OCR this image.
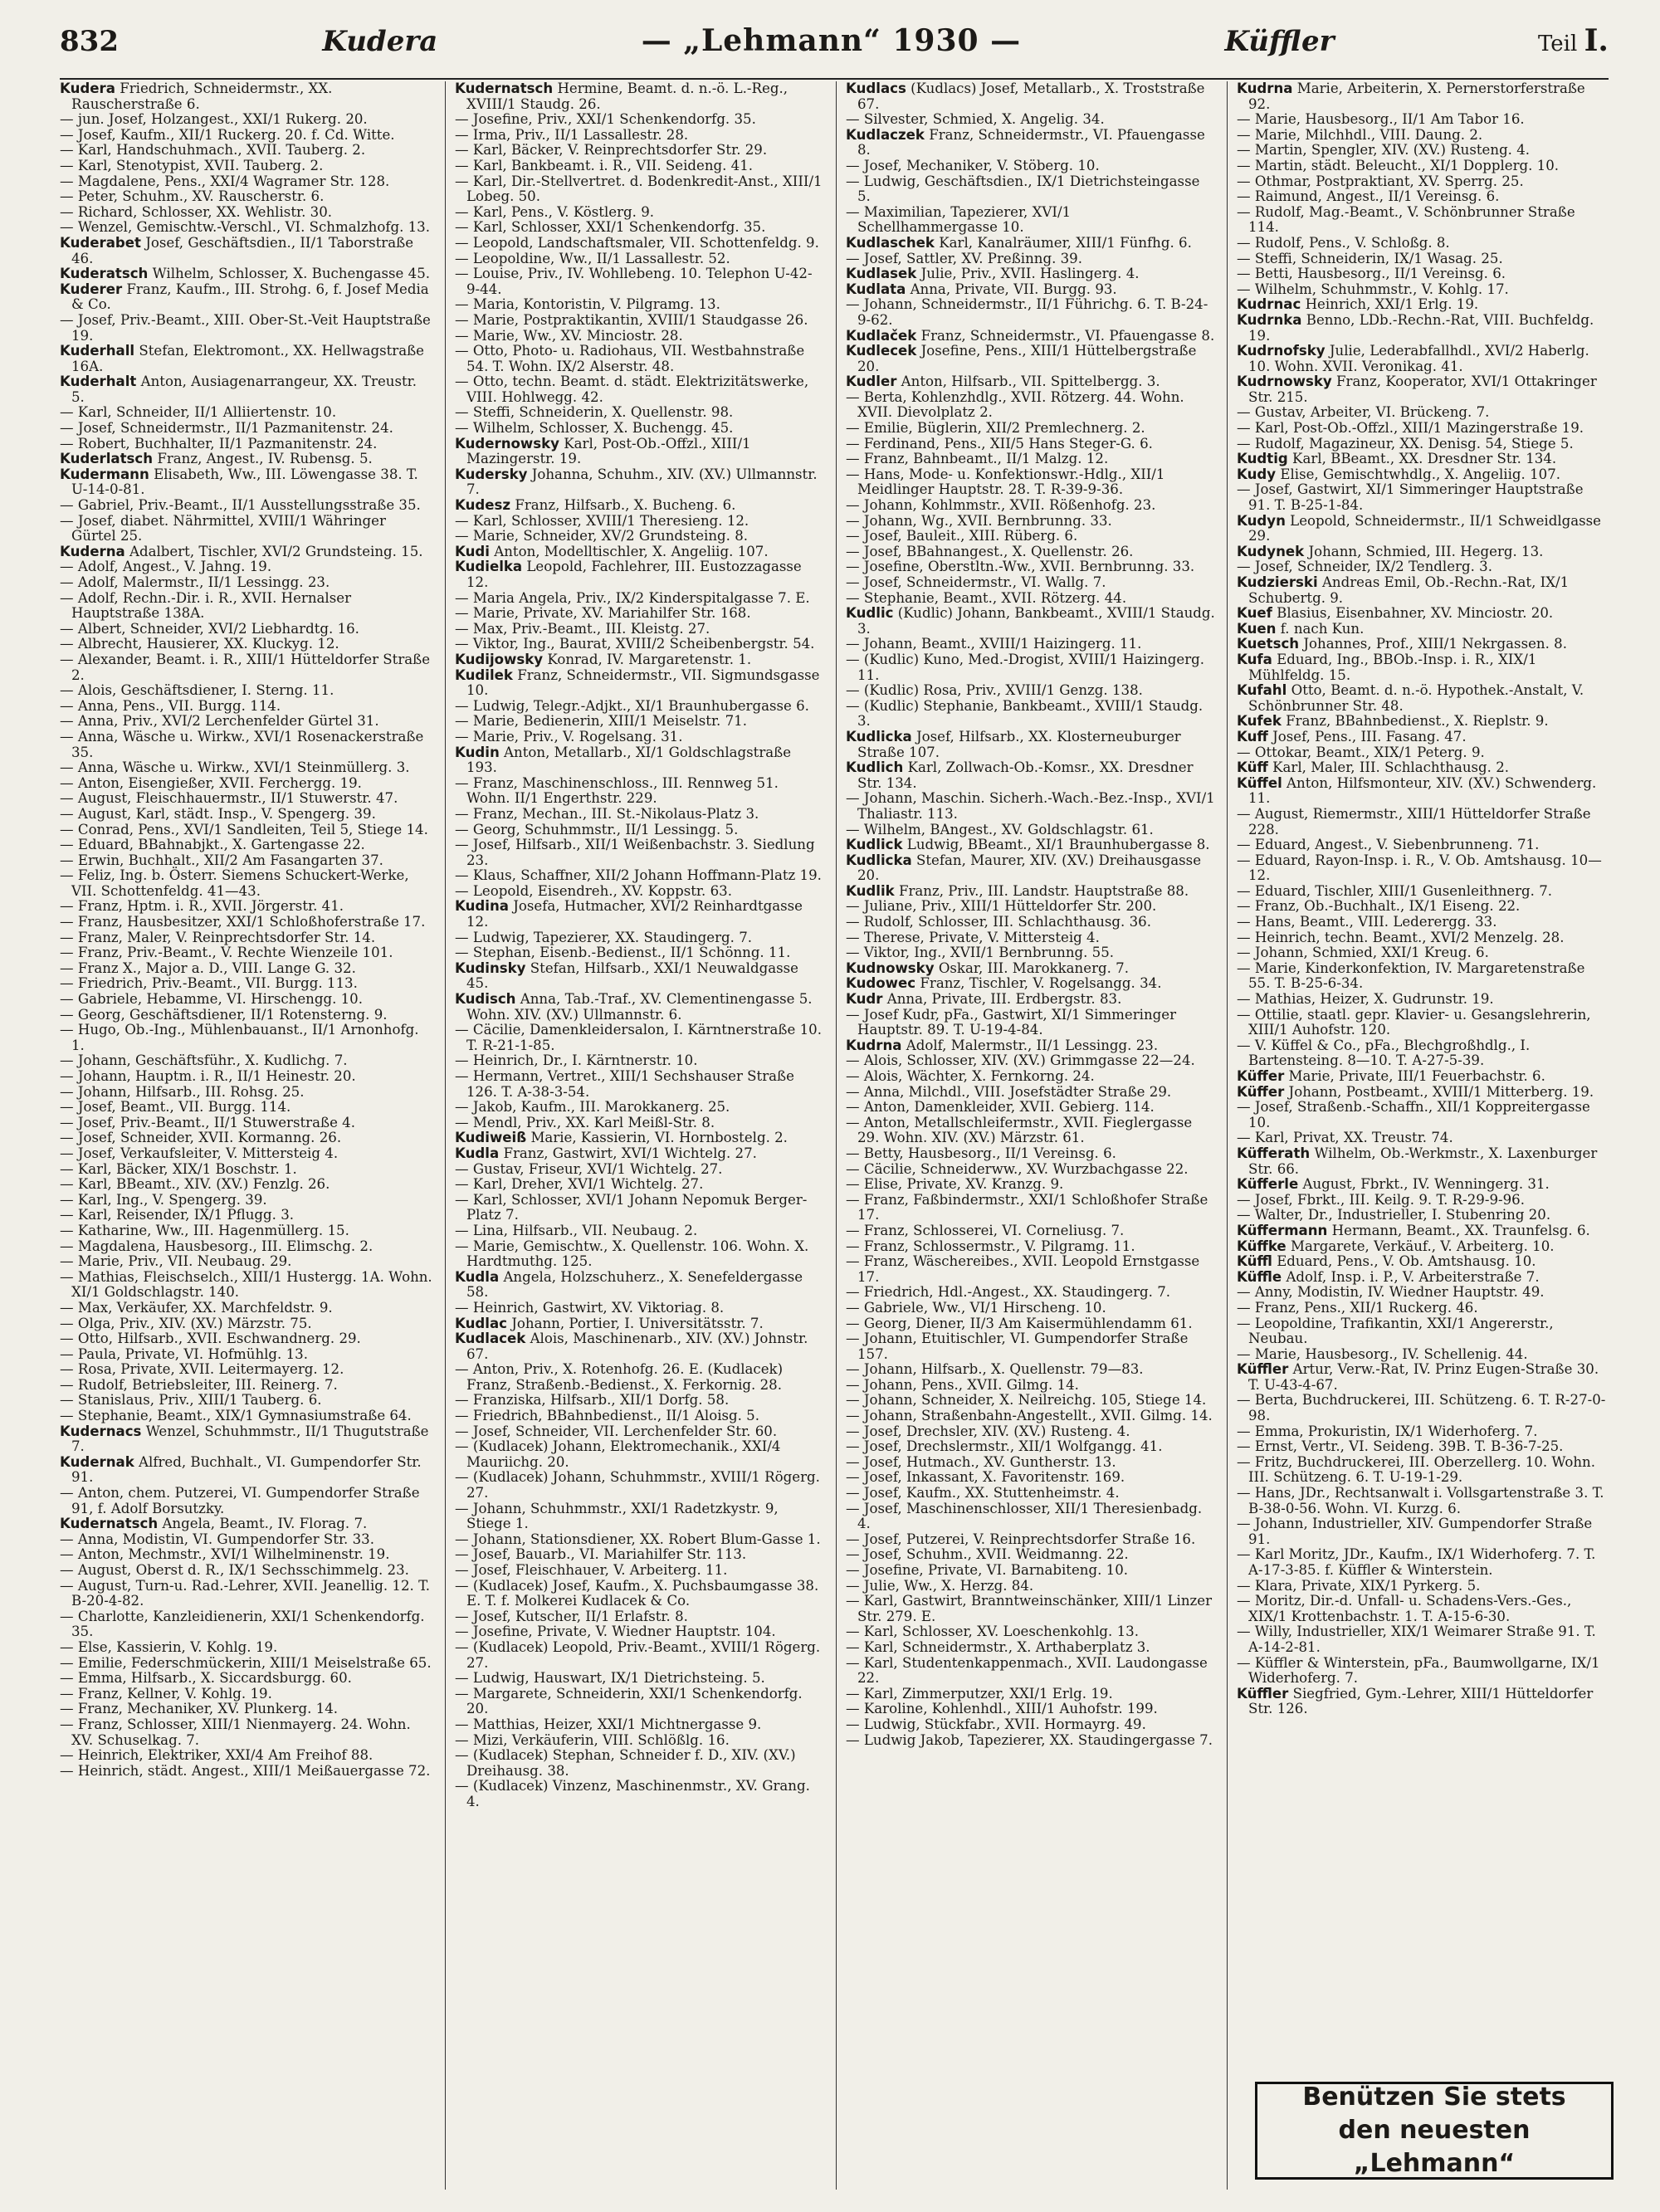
832	Kudera	— „Lehmann“ 1930 —	Küffler	Teil I.

Kudera Friedrich, Schneidermstr., XX. Rauscherstraße 6.

— jun. Josef, Holzangest., XXI/1 Rukerg. 20.

— Josef, Kaufm., XII/1 Ruckerg. 20. f. Cd. Witte.

— Karl, Handschuhmach., XVII. Tauberg. 2.

— Karl, Stenotypist, XVII. Tauberg. 2.

— Magdalene, Pens., XXI/4 Wagramer Str. 128.

— Peter, Schuhm., XV. Rauscherstr. 6.

— Richard, Schlosser, XX. Wehlistr. 30.

— Wenzel, Gemischtw.-Verschl., VI. Schmalzhofg. 13.

Kuderabet Josef, Geschäftsdien., II/1 Taborstraße 46.

Kuderatsch Wilhelm, Schlosser, X. Buchengasse 45.

Kuderer Franz, Kaufm., III. Strohg. 6, f. Josef Media & Co.

— Josef, Priv.-Beamt., XIII. Ober-St.-Veit Hauptstraße 19.

Kuderhall Stefan, Elektromont., XX. Hellwagstraße 16A.

Kuderhalt Anton, Ausiagenarrangeur, XX. Treustr. 5.

— Karl, Schneider, II/1 Alliiertenstr. 10.

— Josef, Schneidermstr., II/1 Pazmanitenstr. 24.

— Robert, Buchhalter, II/1 Pazmanitenstr. 24.

Kuderlatsch Franz, Angest., IV. Rubensg. 5.

Kudermann Elisabeth, Ww., III. Löwengasse 38. T. U-14-0-81.

— Gabriel, Priv.-Beamt., II/1 Ausstellungsstraße 35.

— Josef, diabet. Nährmittel, XVIII/1 Währinger Gürtel 25.

Kuderna Adalbert, Tischler, XVI/2 Grundsteing. 15.

— Adolf, Angest., V. Jahng. 19.

— Adolf, Malermstr., II/1 Lessingg. 23.

— Adolf, Rechn.-Dir. i. R., XVII. Hernalser Hauptstraße 138A.

— Albert, Schneider, XVI/2 Liebhardtg. 16.

— Albrecht, Hausierer, XX. Kluckyg. 12.

— Alexander, Beamt. i. R., XIII/1 Hütteldorfer Straße 2.

— Alois, Geschäftsdiener, I. Sterng. 11.

— Anna, Pens., VII. Burgg. 114.

— Anna, Priv., XVI/2 Lerchenfelder Gürtel 31.

— Anna, Wäsche u. Wirkw., XVI/1 Rosenackerstraße 35.

— Anna, Wäsche u. Wirkw., XVI/1 Steinmüllerg. 3.

— Anton, Eisengießer, XVII. Ferchergg. 19.

— August, Fleischhauermstr., II/1 Stuwerstr. 47.

— August, Karl, städt. Insp., V. Spengerg. 39.

— Conrad, Pens., XVI/1 Sandleiten, Teil 5, Stiege 14.

— Eduard, BBahnabjkt., X. Gartengasse 22.

— Erwin, Buchhalt., XII/2 Am Fasangarten 37.

— Feliz, Ing. b. Österr. Siemens Schuckert-Werke, VII. Schottenfeldg. 41—43.

— Franz, Hptm. i. R., XVII. Jörgerstr. 41.

— Franz, Hausbesitzer, XXI/1 Schloßhoferstraße 17.

— Franz, Maler, V. Reinprechtsdorfer Str. 14.

— Franz, Priv.-Beamt., V. Rechte Wienzeile 101.

— Franz X., Major a. D., VIII. Lange G. 32.

— Friedrich, Priv.-Beamt., VII. Burgg. 113.

— Gabriele, Hebamme, VI. Hirschengg. 10.

— Georg, Geschäftsdiener, II/1 Rotensterng. 9.

— Hugo, Ob.-Ing., Mühlenbauanst., II/1 Arnonhofg. 1.

— Johann, Geschäftsführ., X. Kudlichg. 7.

— Johann, Hauptm. i. R., II/1 Heinestr. 20.

— Johann, Hilfsarb., III. Rohsg. 25.

— Josef, Beamt., VII. Burgg. 114.

— Josef, Priv.-Beamt., II/1 Stuwerstraße 4.

— Josef, Schneider, XVII. Kormanng. 26.

— Josef, Verkaufsleiter, V. Mittersteig 4.

— Karl, Bäcker, XIX/1 Boschstr. 1.

— Karl, BBeamt., XIV. (XV.) Fenzlg. 26.

— Karl, Ing., V. Spengerg. 39.

— Karl, Reisender, IX/1 Pflugg. 3.

— Katharine, Ww., III. Hagenmüllerg. 15.

— Magdalena, Hausbesorg., III. Elimschg. 2.

— Marie, Priv., VII. Neubaug. 29.

— Mathias, Fleischselch., XIII/1 Hustergg. 1A. Wohn. XI/1 Goldschlagstr. 140.

— Max, Verkäufer, XX. Marchfeldstr. 9.

— Olga, Priv., XIV. (XV.) Märzstr. 75.

— Otto, Hilfsarb., XVII. Eschwandnerg. 29.

— Paula, Private, VI. Hofmühlg. 13.

— Rosa, Private, XVII. Leitermayerg. 12.

— Rudolf, Betriebsleiter, III. Reinerg. 7.

— Stanislaus, Priv., XIII/1 Tauberg. 6.

— Stephanie, Beamt., XIX/1 Gymnasiumstraße 64.

Kudernacs Wenzel, Schuhmmstr., II/1 Thugutstraße 7.

Kudernak Alfred, Buchhalt., VI. Gumpendorfer Str. 91.

— Anton, chem. Putzerei, VI. Gumpendorfer Straße 91, f. Adolf Borsutzky.

Kudernatsch Angela, Beamt., IV. Florag. 7.

— Anna, Modistin, VI. Gumpendorfer Str. 33.

— Anton, Mechmstr., XVI/1 Wilhelminenstr. 19.

— August, Oberst d. R., IX/1 Sechsschimmelg. 23.

— August, Turn-u. Rad.-Lehrer, XVII. Jeanellig. 12. T. B-20-4-82.

— Charlotte, Kanzleidienerin, XXI/1 Schenkendorfg. 35.

— Else, Kassierin, V. Kohlg. 19.

— Emilie, Federschmückerin, XIII/1 Meiselstraße 65.

— Emma, Hilfsarb., X. Siccardsburgg. 60.

— Franz, Kellner, V. Kohlg. 19.

— Franz, Mechaniker, XV. Plunkerg. 14.

— Franz, Schlosser, XIII/1 Nienmayerg. 24. Wohn. XV. Schuselkag. 7.

— Heinrich, Elektriker, XXI/4 Am Freihof 88.

— Heinrich, städt. Angest., XIII/1 Meißauergasse 72.

Kudernatsch Hermine, Beamt. d. n.-ö. L.-Reg., XVIII/1 Staudg. 26.

— Josefine, Priv., XXI/1 Schenkendorfg. 35.

— Irma, Priv., II/1 Lassallestr. 28.

— Karl, Bäcker, V. Reinprechtsdorfer Str. 29.

— Karl, Bankbeamt. i. R., VII. Seideng. 41.

— Karl, Dir.-Stellvertret. d. Bodenkredit-Anst., XIII/1 Lobeg. 50.

— Karl, Pens., V. Köstlerg. 9.

— Karl, Schlosser, XXI/1 Schenkendorfg. 35.

— Leopold, Landschaftsmaler, VII. Schottenfeldg. 9.

— Leopoldine, Ww., II/1 Lassallestr. 52.

— Louise, Priv., IV. Wohllebeng. 10. Telephon U-42-9-44.

— Maria, Kontoristin, V. Pilgramg. 13.

— Marie, Postpraktikantin, XVIII/1 Staudgasse 26.

— Marie, Ww., XV. Minciostr. 28.

— Otto, Photo- u. Radiohaus, VII. Westbahnstraße 54. T. Wohn. IX/2 Alserstr. 48.

— Otto, techn. Beamt. d. städt. Elektrizitätswerke, VIII. Hohlwegg. 42.

— Steffi, Schneiderin, X. Quellenstr. 98.

— Wilhelm, Schlosser, X. Buchengg. 45.

Kudernowsky Karl, Post-Ob.-Offzl., XIII/1 Mazingerstr. 19.

Kudersky Johanna, Schuhm., XIV. (XV.) Ullmannstr. 7.

Kudesz Franz, Hilfsarb., X. Bucheng. 6.

— Karl, Schlosser, XVIII/1 Theresieng. 12.

— Marie, Schneider, XV/2 Grundsteing. 8.

Kudi Anton, Modelltischler, X. Angeliig. 107.

Kudielka Leopold, Fachlehrer, III. Eustozzagasse 12.

— Maria Angela, Priv., IX/2 Kinderspitalgasse 7. E.

— Marie, Private, XV. Mariahilfer Str. 168.

— Max, Priv.-Beamt., III. Kleistg. 27.

— Viktor, Ing., Baurat, XVIII/2 Scheibenbergstr. 54.

Kudijowsky Konrad, IV. Margaretenstr. 1.

Kudilek Franz, Schneidermstr., VII. Sigmundsgasse 10.

— Ludwig, Telegr.-Adjkt., XI/1 Braunhubergasse 6.

— Marie, Bedienerin, XIII/1 Meiselstr. 71.

— Marie, Priv., V. Rogelsang. 31.

Kudin Anton, Metallarb., XI/1 Goldschlagstraße 193.

— Franz, Maschinenschloss., III. Rennweg 51. Wohn. II/1 Engerthstr. 229.

— Franz, Mechan., III. St.-Nikolaus-Platz 3.

— Georg, Schuhmmstr., II/1 Lessingg. 5.

— Josef, Hilfsarb., XII/1 Weißenbachstr. 3. Siedlung 23.

— Klaus, Schaffner, XII/2 Johann Hoffmann-Platz 19.

— Leopold, Eisendreh., XV. Koppstr. 63.

Kudina Josefa, Hutmacher, XVI/2 Reinhardtgasse 12.

— Ludwig, Tapezierer, XX. Staudingerg. 7.

— Stephan, Eisenb.-Bedienst., II/1 Schönng. 11.

Kudinsky Stefan, Hilfsarb., XXI/1 Neuwaldgasse 45.

Kudisch Anna, Tab.-Traf., XV. Clementinengasse 5. Wohn. XIV. (XV.) Ullmannstr. 6.

— Cäcilie, Damenkleidersalon, I. Kärntnerstraße 10. T. R-21-1-85.

— Heinrich, Dr., I. Kärntnerstr. 10.

— Hermann, Vertret., XIII/1 Sechshauser Straße 126. T. A-38-3-54.

— Jakob, Kaufm., III. Marokkanerg. 25.

— Mendl, Priv., XX. Karl Meißl-Str. 8.

Kudiweiß Marie, Kassierin, VI. Hornbostelg. 2.

Kudla Franz, Gastwirt, XVI/1 Wichtelg. 27.

— Gustav, Friseur, XVI/1 Wichtelg. 27.

— Karl, Dreher, XVI/1 Wichtelg. 27.

— Karl, Schlosser, XVI/1 Johann Nepomuk Berger-Platz 7.

— Lina, Hilfsarb., VII. Neubaug. 2.

— Marie, Gemischtw., X. Quellenstr. 106. Wohn. X. Hardtmuthg. 125.

Kudla Angela, Holzschuherz., X. Senefeldergasse 58.

— Heinrich, Gastwirt, XV. Viktoriag. 8.

Kudlac Johann, Portier, I. Universitätsstr. 7.

Kudlacek Alois, Maschinenarb., XIV. (XV.) Johnstr. 67.

— Anton, Priv., X. Rotenhofg. 26. E. (Kudlacek) Franz, Straßenb.-Bedienst., X. Ferkornig. 28.

— Franziska, Hilfsarb., XII/1 Dorfg. 58.

— Friedrich, BBahnbedienst., II/1 Aloisg. 5.

— Josef, Schneider, VII. Lerchenfelder Str. 60.

— (Kudlacek) Johann, Elektromechanik., XXI/4 Mauriichg. 20.

— (Kudlacek) Johann, Schuhmmstr., XVIII/1 Rögerg. 27.

— Johann, Schuhmmstr., XXI/1 Radetzkystr. 9, Stiege 1.

— Johann, Stationsdiener, XX. Robert Blum-Gasse 1.

— Josef, Bauarb., VI. Mariahilfer Str. 113.

— Josef, Fleischhauer, V. Arbeiterg. 11.

— (Kudlacek) Josef, Kaufm., X. Puchsbaumgasse 38. E. T. f. Molkerei Kudlacek & Co.

— Josef, Kutscher, II/1 Erlafstr. 8.

— Josefine, Private, V. Wiedner Hauptstr. 104.

— (Kudlacek) Leopold, Priv.-Beamt., XVIII/1 Rögerg. 27.

— Ludwig, Hauswart, IX/1 Dietrichsteing. 5.

— Margarete, Schneiderin, XXI/1 Schenkendorfg. 20.

— Matthias, Heizer, XXI/1 Michtnergasse 9.

— Mizi, Verkäuferin, VIII. Schlößlg. 16.

— (Kudlacek) Stephan, Schneider f. D., XIV. (XV.) Dreihausg. 38.

— (Kudlacek) Vinzenz, Maschinenmstr., XV. Grang. 4.

Kudlacs (Kudlacs) Josef, Metallarb., X. Troststraße 67.

— Silvester, Schmied, X. Angelig. 34.

Kudlaczek Franz, Schneidermstr., VI. Pfauengasse 8.

— Josef, Mechaniker, V. Stöberg. 10.

— Ludwig, Geschäftsdien., IX/1 Dietrichsteingasse 5.

— Maximilian, Tapezierer, XVI/1 Schellhammergasse 10.

Kudlaschek Karl, Kanalräumer, XIII/1 Fünfhg. 6.

— Josef, Sattler, XV. Preßinng. 39.

Kudlasek Julie, Priv., XVII. Haslingerg. 4.

Kudlata Anna, Private, VII. Burgg. 93.

— Johann, Schneidermstr., II/1 Führichg. 6. T. B-24-9-62.

Kudlaček Franz, Schneidermstr., VI. Pfauengasse 8.

Kudlecek Josefine, Pens., XIII/1 Hüttelbergstraße 20.

Kudler Anton, Hilfsarb., VII. Spittelbergg. 3.

— Berta, Kohlenzhdlg., XVII. Rötzerg. 44. Wohn. XVII. Dievolplatz 2.

— Emilie, Büglerin, XII/2 Premlechnerg. 2.

— Ferdinand, Pens., XII/5 Hans Steger-G. 6.

— Franz, Bahnbeamt., II/1 Malzg. 12.

— Hans, Mode- u. Konfektionswr.-Hdlg., XII/1 Meidlinger Hauptstr. 28. T. R-39-9-36.

— Johann, Kohlmmstr., XVII. Rößenhofg. 23.

— Johann, Wg., XVII. Bernbrunng. 33.

— Josef, Bauleit., XIII. Rüberg. 6.

— Josef, BBahnangest., X. Quellenstr. 26.

— Josefine, Oberstltn.-Ww., XVII. Bernbrunng. 33.

— Josef, Schneidermstr., VI. Wallg. 7.

— Stephanie, Beamt., XVII. Rötzerg. 44.

Kudlic (Kudlic) Johann, Bankbeamt., XVIII/1 Staudg. 3.

— Johann, Beamt., XVIII/1 Haizingerg. 11.

— (Kudlic) Kuno, Med.-Drogist, XVIII/1 Haizingerg. 11.

— (Kudlic) Rosa, Priv., XVIII/1 Genzg. 138.

— (Kudlic) Stephanie, Bankbeamt., XVIII/1 Staudg. 3.

Kudlicka Josef, Hilfsarb., XX. Klosterneuburger Straße 107.

Kudlich Karl, Zollwach-Ob.-Komsr., XX. Dresdner Str. 134.

— Johann, Maschin. Sicherh.-Wach.-Bez.-Insp., XVI/1 Thaliastr. 113.

— Wilhelm, BAngest., XV. Goldschlagstr. 61.

Kudlick Ludwig, BBeamt., XI/1 Braunhubergasse 8.

Kudlicka Stefan, Maurer, XIV. (XV.) Dreihausgasse 20.

Kudlik Franz, Priv., III. Landstr. Hauptstraße 88.

— Juliane, Priv., XIII/1 Hütteldorfer Str. 200.

— Rudolf, Schlosser, III. Schlachthausg. 36.

— Therese, Private, V. Mittersteig 4.

— Viktor, Ing., XVII/1 Bernbrunng. 55.

Kudnowsky Oskar, III. Marokkanerg. 7.

Kudowec Franz, Tischler, V. Rogelsangg. 34.

Kudr Anna, Private, III. Erdbergstr. 83.

— Josef Kudr, pFa., Gastwirt, XI/1 Simmeringer Hauptstr. 89. T. U-19-4-84.

Kudrna Adolf, Malermstr., II/1 Lessingg. 23.

— Alois, Schlosser, XIV. (XV.) Grimmgasse 22—24.

— Alois, Wächter, X. Fernkorng. 24.

— Anna, Milchdl., VIII. Josefstädter Straße 29.

— Anton, Damenkleider, XVII. Gebierg. 114.

— Anton, Metallschleifermstr., XVII. Fieglergasse 29. Wohn. XIV. (XV.) Märzstr. 61.

— Betty, Hausbesorg., II/1 Vereinsg. 6.

— Cäcilie, Schneiderww., XV. Wurzbachgasse 22.

— Elise, Private, XV. Kranzg. 9.

— Franz, Faßbindermstr., XXI/1 Schloßhofer Straße 17.

— Franz, Schlosserei, VI. Corneliusg. 7.

— Franz, Schlossermstr., V. Pilgramg. 11.

— Franz, Wäschereibes., XVII. Leopold Ernstgasse 17.

— Friedrich, Hdl.-Angest., XX. Staudingerg. 7.

— Gabriele, Ww., VI/1 Hirscheng. 10.

— Georg, Diener, II/3 Am Kaisermühlendamm 61.

— Johann, Etuitischler, VI. Gumpendorfer Straße 157.

— Johann, Hilfsarb., X. Quellenstr. 79—83.

— Johann, Pens., XVII. Gilmg. 14.

— Johann, Schneider, X. Neilreichg. 105, Stiege 14.

— Johann, Straßenbahn-Angestellt., XVII. Gilmg. 14.

— Josef, Drechsler, XIV. (XV.) Rusteng. 4.

— Josef, Drechslermstr., XII/1 Wolfgangg. 41.

— Josef, Hutmach., XV. Guntherstr. 13.

— Josef, Inkassant, X. Favoritenstr. 169.

— Josef, Kaufm., XX. Stuttenheimstr. 4.

— Josef, Maschinenschlosser, XII/1 Theresienbadg. 4.

— Josef, Putzerei, V. Reinprechtsdorfer Straße 16.

— Josef, Schuhm., XVII. Weidmanng. 22.

— Josefine, Private, VI. Barnabiteng. 10.

— Julie, Ww., X. Herzg. 84.

— Karl, Gastwirt, Branntweinschänker, XIII/1 Linzer Str. 279. E.

— Karl, Schlosser, XV. Loeschenkohlg. 13.

— Karl, Schneidermstr., X. Arthaberplatz 3.

— Karl, Studentenkappenmach., XVII. Laudongasse 22.

— Karl, Zimmerputzer, XXI/1 Erlg. 19.

— Karoline, Kohlenhdl., XIII/1 Auhofstr. 199.

— Ludwig, Stückfabr., XVII. Hormayrg. 49.

— Ludwig Jakob, Tapezierer, XX. Staudingergasse 7.

Kudrna Marie, Arbeiterin, X. Pernerstorferstraße 92.

— Marie, Hausbesorg., II/1 Am Tabor 16.

— Marie, Milchhdl., VIII. Daung. 2.

— Martin, Spengler, XIV. (XV.) Rusteng. 4.

— Martin, städt. Beleucht., XI/1 Dopplerg. 10.

— Othmar, Postpraktiant, XV. Sperrg. 25.

— Raimund, Angest., II/1 Vereinsg. 6.

— Rudolf, Mag.-Beamt., V. Schönbrunner Straße 114.

— Rudolf, Pens., V. Schloßg. 8.

— Steffi, Schneiderin, IX/1 Wasag. 25.

— Betti, Hausbesorg., II/1 Vereinsg. 6.

— Wilhelm, Schuhmmstr., V. Kohlg. 17.

Kudrnac Heinrich, XXI/1 Erlg. 19.

Kudrnka Benno, LDb.-Rechn.-Rat, VIII. Buchfeldg. 19.

Kudrnofsky Julie, Lederabfallhdl., XVI/2 Haberlg. 10. Wohn. XVII. Veronikag. 41.

Kudrnowsky Franz, Kooperator, XVI/1 Ottakringer Str. 215.

— Gustav, Arbeiter, VI. Brückeng. 7.

— Karl, Post-Ob.-Offzl., XIII/1 Mazingerstraße 19.

— Rudolf, Magazineur, XX. Denisg. 54, Stiege 5.

Kudtig Karl, BBeamt., XX. Dresdner Str. 134.

Kudy Elise, Gemischtwhdlg., X. Angeliig. 107.

— Josef, Gastwirt, XI/1 Simmeringer Hauptstraße 91. T. B-25-1-84.

Kudyn Leopold, Schneidermstr., II/1 Schweidlgasse 29.

Kudynek Johann, Schmied, III. Hegerg. 13.

— Josef, Schneider, IX/2 Tendlerg. 3.

Kudzierski Andreas Emil, Ob.-Rechn.-Rat, IX/1 Schubertg. 9.

Kuef Blasius, Eisenbahner, XV. Minciostr. 20.

Kuen f. nach Kun.

Kuetsch Johannes, Prof., XIII/1 Nekrgassen. 8.

Kufa Eduard, Ing., BBOb.-Insp. i. R., XIX/1 Mühlfeldg. 15.

Kufahl Otto, Beamt. d. n.-ö. Hypothek.-Anstalt, V. Schönbrunner Str. 48.

Kufek Franz, BBahnbedienst., X. Rieplstr. 9.

Kuff Josef, Pens., III. Fasang. 47.

— Ottokar, Beamt., XIX/1 Peterg. 9.

Küff Karl, Maler, III. Schlachthausg. 2.

Küffel Anton, Hilfsmonteur, XIV. (XV.) Schwenderg. 11.

— August, Riemermstr., XIII/1 Hütteldorfer Straße 228.

— Eduard, Angest., V. Siebenbrunneng. 71.

— Eduard, Rayon-Insp. i. R., V. Ob. Amtshausg. 10—12.

— Eduard, Tischler, XIII/1 Gusenleithnerg. 7.

— Franz, Ob.-Buchhalt., IX/1 Eiseng. 22.

— Hans, Beamt., VIII. Lederergg. 33.

— Heinrich, techn. Beamt., XVI/2 Menzelg. 28.

— Johann, Schmied, XXI/1 Kreug. 6.

— Marie, Kinderkonfektion, IV. Margaretenstraße 55. T. B-25-6-34.

— Mathias, Heizer, X. Gudrunstr. 19.

— Ottilie, staatl. gepr. Klavier- u. Gesangslehrerin, XIII/1 Auhofstr. 120.

— V. Küffel & Co., pFa., Blechgroßhdlg., I. Bartensteing. 8—10. T. A-27-5-39.

Küffer Marie, Private, III/1 Feuerbachstr. 6.

Küffer Johann, Postbeamt., XVIII/1 Mitterberg. 19.

— Josef, Straßenb.-Schaffn., XII/1 Koppreitergasse 10.

— Karl, Privat, XX. Treustr. 74.

Küfferath Wilhelm, Ob.-Werkmstr., X. Laxenburger Str. 66.

Küfferle August, Fbrkt., IV. Wenningerg. 31.

— Josef, Fbrkt., III. Keilg. 9. T. R-29-9-96.

— Walter, Dr., Industrieller, I. Stubenring 20.

Küffermann Hermann, Beamt., XX. Traunfelsg. 6.

Küffke Margarete, Verkäuf., V. Arbeiterg. 10.

Küffl Eduard, Pens., V. Ob. Amtshausg. 10.

Küffle Adolf, Insp. i. P., V. Arbeiterstraße 7.

— Anny, Modistin, IV. Wiedner Hauptstr. 49.

— Franz, Pens., XII/1 Ruckerg. 46.

— Leopoldine, Trafikantin, XXI/1 Angererstr., Neubau.

— Marie, Hausbesorg., IV. Schellenig. 44.

Küffler Artur, Verw.-Rat, IV. Prinz Eugen-Straße 30. T. U-43-4-67.

— Berta, Buchdruckerei, III. Schützeng. 6. T. R-27-0-98.

— Emma, Prokuristin, IX/1 Widerhoferg. 7.

— Ernst, Vertr., VI. Seideng. 39B. T. B-36-7-25.

— Fritz, Buchdruckerei, III. Oberzellerg. 10. Wohn. III. Schützeng. 6. T. U-19-1-29.

— Hans, JDr., Rechtsanwalt i. Vollsgartenstraße 3. T. B-38-0-56. Wohn. VI. Kurzg. 6.

— Johann, Industrieller, XIV. Gumpendorfer Straße 91.

— Karl Moritz, JDr., Kaufm., IX/1 Widerhoferg. 7. T. A-17-3-85. f. Küffler & Winterstein.

— Klara, Private, XIX/1 Pyrkerg. 5.

— Moritz, Dir.-d. Unfall- u. Schadens-Vers.-Ges., XIX/1 Krottenbachstr. 1. T. A-15-6-30.

— Willy, Industrieller, XIX/1 Weimarer Straße 91. T. A-14-2-81.

— Küffler & Winterstein, pFa., Baumwollgarne, IX/1 Widerhoferg. 7.

Küffler Siegfried, Gym.-Lehrer, XIII/1 Hütteldorfer Str. 126.

Benützen Sie stets
den neuesten „Lehmann“
